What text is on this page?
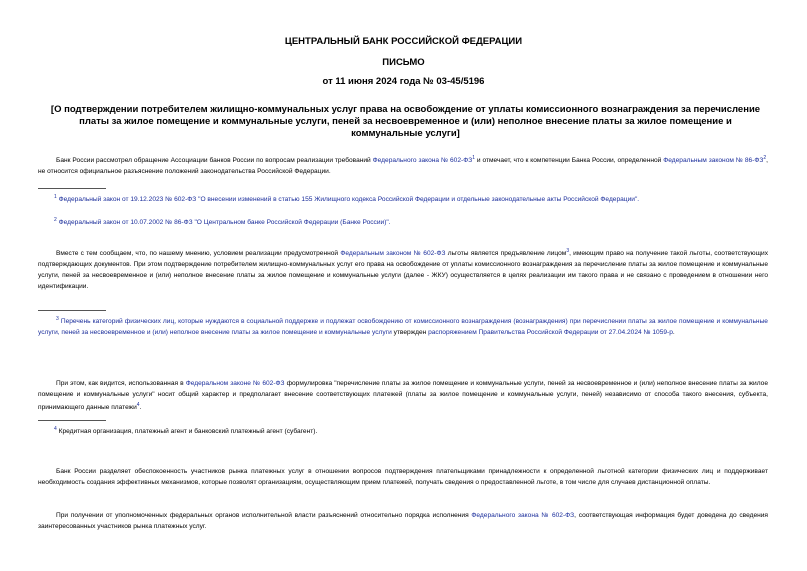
ЦЕНТРАЛЬНЫЙ БАНК РОССИЙСКОЙ ФЕДЕРАЦИИ
ПИСЬМО
от 11 июня 2024 года № 03-45/5196
[О подтверждении потребителем жилищно-коммунальных услуг права на освобождение от уплаты комиссионного вознаграждения за перечисление платы за жилое помещение и коммунальные услуги, пеней за несвоевременное и (или) неполное внесение платы за жилое помещение и коммунальные услуги]
Банк России рассмотрел обращение Ассоциации банков России по вопросам реализации требований Федерального закона № $602-ФЗ^1$ и отмечает, что к компетенции Банка России, определенной Федеральным законом № $86-ФЗ^2$, не относится официальное разъяснение положений законодательства Российской Федерации.
$^1$ Федеральный закон от 19.12.2023 № 602-ФЗ "О внесении изменений в статью 155 Жилищного кодекса Российской Федерации и отдельные законодательные акты Российской Федерации".
$^2$ Федеральный закон от 10.07.2002 № 86-ФЗ "О Центральном банке Российской Федерации (Банке России)".
Вместе с тем сообщаем, что, по нашему мнению, условием реализации предусмотренной Федеральным законом № 602-ФЗ льготы является предъявление лицом$^3$, имеющим право на получение такой льготы, соответствующих подтверждающих документов. При этом подтверждение потребителем жилищно-коммунальных услуг его права на освобождение от уплаты комиссионного вознаграждения за перечисление платы за жилое помещение и коммунальные услуги, пеней за несвоевременное и (или) неполное внесение платы за жилое помещение и коммунальные услуги (далее - ЖКУ) осуществляется в целях реализации им такого права и не связано с проведением в отношении него идентификации.
$^3$ Перечень категорий физических лиц, которые нуждаются в социальной поддержке и подлежат освобождению от комиссионного вознаграждения (вознаграждения) при перечислении платы за жилое помещение и коммунальные услуги, пеней за несвоевременное и (или) неполное внесение платы за жилое помещение и коммунальные услуги утвержден распоряжением Правительства Российской Федерации от 27.04.2024 № 1059-р.
При этом, как видится, использованная в Федеральном законе № 602-ФЗ формулировка "перечисление платы за жилое помещение и коммунальные услуги, пеней за несвоевременное и (или) неполное внесение платы за жилое помещение и коммунальные услуги" носит общий характер и предполагает внесение соответствующих платежей (платы за жилое помещение и коммунальные услуги, пеней) независимо от способа такого внесения, субъекта, принимающего данные платежи$^4$.
$^4$ Кредитная организация, платежный агент и банковский платежный агент (субагент).
Банк России разделяет обеспокоенность участников рынка платежных услуг в отношении вопросов подтверждения плательщиками принадлежности к определенной льготной категории физических лиц и поддерживает необходимость создания эффективных механизмов, которые позволят организациям, осуществляющим прием платежей, получать сведения о предоставленной льготе, в том числе для случаев дистанционной оплаты.
При получении от уполномоченных федеральных органов исполнительной власти разъяснений относительно порядка исполнения Федерального закона № 602-ФЗ, соответствующая информация будет доведена до сведения заинтересованных участников рынка платежных услуг.
